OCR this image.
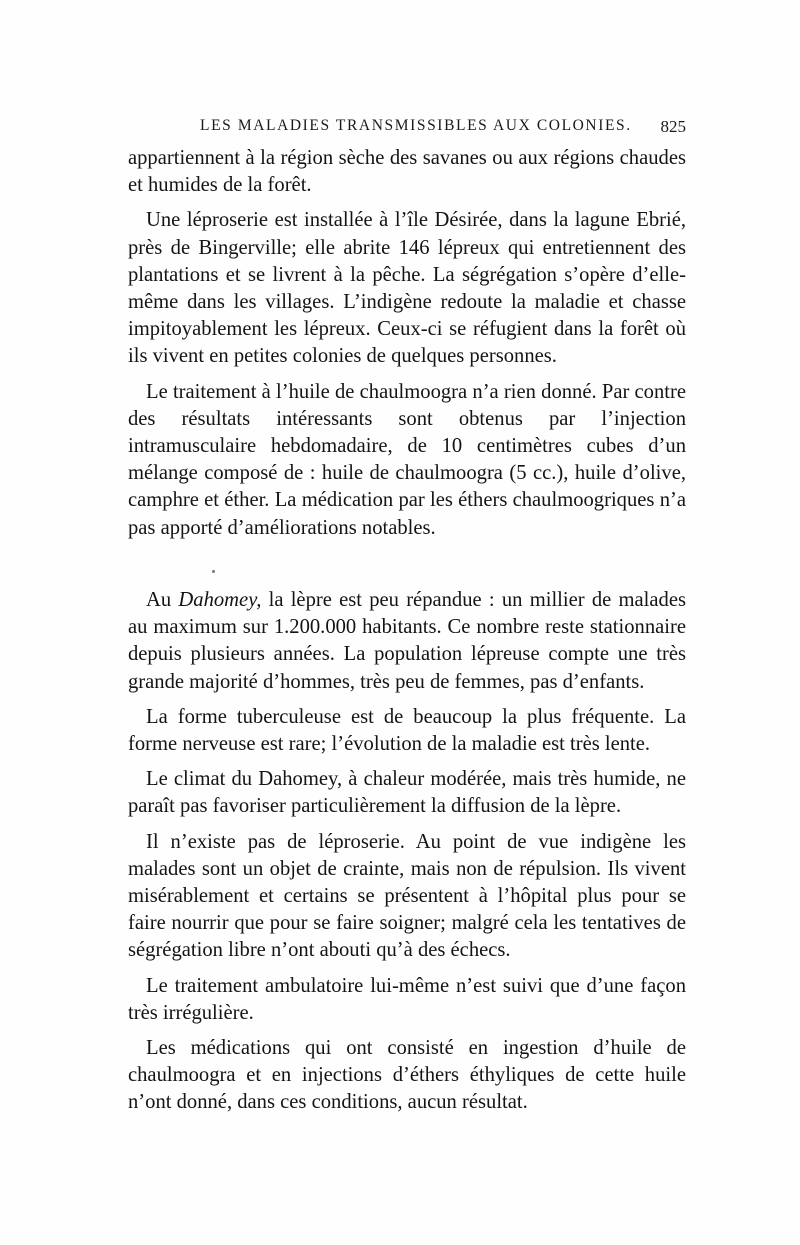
LES MALADIES TRANSMISSIBLES AUX COLONIES. 825

appartiennent à la région sèche des savanes ou aux régions chaudes et humides de la forêt.

Une léproserie est installée à l’île Désirée, dans la lagune Ebrié, près de Bingerville; elle abrite 146 lépreux qui entretiennent des plantations et se livrent à la pêche. La ségrégation s’opère d’elle-même dans les villages. L’indigène redoute la maladie et chasse impitoyablement les lépreux. Ceux-ci se réfugient dans la forêt où ils vivent en petites colonies de quelques personnes.

Le traitement à l’huile de chaulmoogra n’a rien donné. Par contre des résultats intéressants sont obtenus par l’injection intramusculaire hebdomadaire, de 10 centimètres cubes d’un mélange composé de : huile de chaulmoogra (5 cc.), huile d’olive, camphre et éther. La médication par les éthers chaulmoogriques n’a pas apporté d’améliorations notables.

Au Dahomey, la lèpre est peu répandue : un millier de malades au maximum sur 1.200.000 habitants. Ce nombre reste stationnaire depuis plusieurs années. La population lépreuse compte une très grande majorité d’hommes, très peu de femmes, pas d’enfants.

La forme tuberculeuse est de beaucoup la plus fréquente. La forme nerveuse est rare; l’évolution de la maladie est très lente.

Le climat du Dahomey, à chaleur modérée, mais très humide, ne paraît pas favoriser particulièrement la diffusion de la lèpre.

Il n’existe pas de léproserie. Au point de vue indigène les malades sont un objet de crainte, mais non de répulsion. Ils vivent misérablement et certains se présentent à l’hôpital plus pour se faire nourrir que pour se faire soigner; malgré cela les tentatives de ségrégation libre n’ont abouti qu’à des échecs.

Le traitement ambulatoire lui-même n’est suivi que d’une façon très irrégulière.

Les médications qui ont consisté en ingestion d’huile de chaulmoogra et en injections d’éthers éthyliques de cette huile n’ont donné, dans ces conditions, aucun résultat.
